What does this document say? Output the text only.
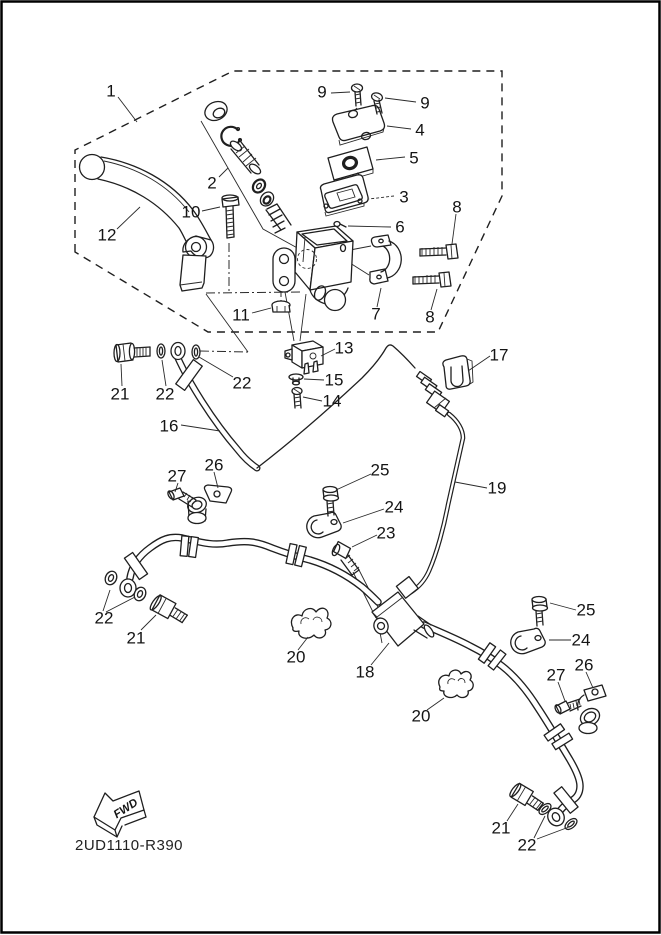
FWD
2UD1110-R390
1	9
9
4
5
2
3
10
6
8
12
7	8
11
13	17
21 22
22	15
14
16
27
26	25
24
23
19
22
21
20
18
25
24
26
27
20
21
22
